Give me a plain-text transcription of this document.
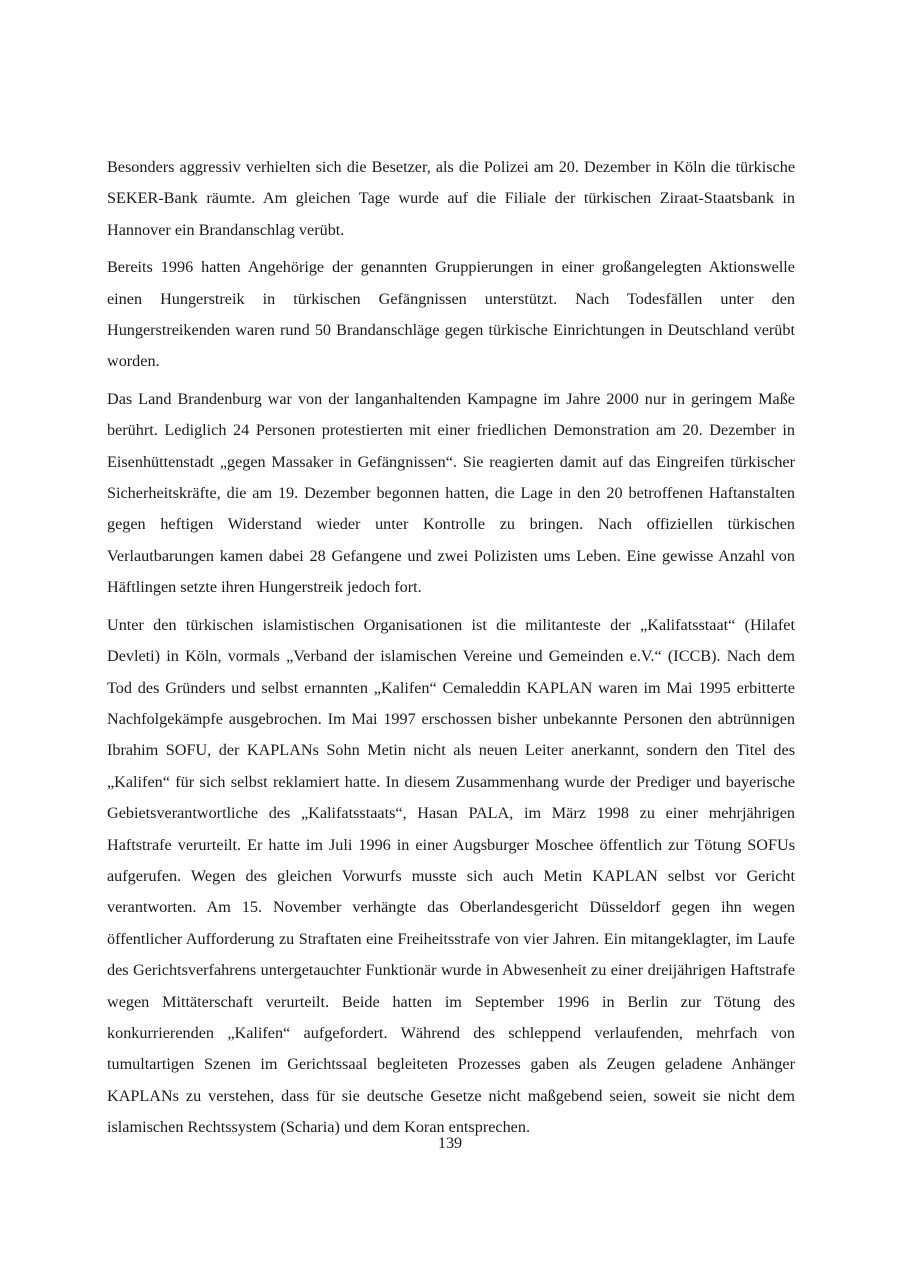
Besonders aggressiv verhielten sich die Besetzer, als die Polizei am 20. Dezember in Köln die türkische SEKER-Bank räumte. Am gleichen Tage wurde auf die Filiale der türkischen Ziraat-Staatsbank in Hannover ein Brandanschlag verübt.

Bereits 1996 hatten Angehörige der genannten Gruppierungen in einer großangelegten Aktionswelle einen Hungerstreik in türkischen Gefängnissen unterstützt. Nach Todesfällen unter den Hungerstreikenden waren rund 50 Brandanschläge gegen türkische Einrichtungen in Deutschland verübt worden.

Das Land Brandenburg war von der langanhaltenden Kampagne im Jahre 2000 nur in geringem Maße berührt. Lediglich 24 Personen protestierten mit einer friedlichen Demonstration am 20. Dezember in Eisenhüttenstadt „gegen Massaker in Gefängnissen“. Sie reagierten damit auf das Eingreifen türkischer Sicherheitskräfte, die am 19. Dezember begonnen hatten, die Lage in den 20 betroffenen Haftanstalten gegen heftigen Widerstand wieder unter Kontrolle zu bringen. Nach offiziellen türkischen Verlautbarungen kamen dabei 28 Gefangene und zwei Polizisten ums Leben. Eine gewisse Anzahl von Häftlingen setzte ihren Hungerstreik jedoch fort.

Unter den türkischen islamistischen Organisationen ist die militanteste der „Kalifatsstaat“ (Hilafet Devleti) in Köln, vormals „Verband der islamischen Vereine und Gemeinden e.V.“ (ICCB). Nach dem Tod des Gründers und selbst ernannten „Kalifen“ Cemaleddin KAPLAN waren im Mai 1995 erbitterte Nachfolgekämpfe ausgebrochen. Im Mai 1997 erschossen bisher unbekannte Personen den abtrünnigen Ibrahim SOFU, der KAPLANs Sohn Metin nicht als neuen Leiter anerkannt, sondern den Titel des „Kalifen“ für sich selbst reklamiert hatte. In diesem Zusammenhang wurde der Prediger und bayerische Gebietsverantwortliche des „Kalifatsstaats“, Hasan PALA, im März 1998 zu einer mehrjährigen Haftstrafe verurteilt. Er hatte im Juli 1996 in einer Augsburger Moschee öffentlich zur Tötung SOFUs aufgerufen. Wegen des gleichen Vorwurfs musste sich auch Metin KAPLAN selbst vor Gericht verantworten. Am 15. November verhängte das Oberlandesgericht Düsseldorf gegen ihn wegen öffentlicher Aufforderung zu Straftaten eine Freiheitsstrafe von vier Jahren. Ein mitangeklagter, im Laufe des Gerichtsverfahrens untergetauchter Funktionär wurde in Abwesenheit zu einer dreijährigen Haftstrafe wegen Mittäterschaft verurteilt. Beide hatten im September 1996 in Berlin zur Tötung des konkurrierenden „Kalifen“ aufgefordert. Während des schleppend verlaufenden, mehrfach von tumultartigen Szenen im Gerichtssaal begleiteten Prozesses gaben als Zeugen geladene Anhänger KAPLANs zu verstehen, dass für sie deutsche Gesetze nicht maßgebend seien, soweit sie nicht dem islamischen Rechtssystem (Scharia) und dem Koran entsprechen.

139
